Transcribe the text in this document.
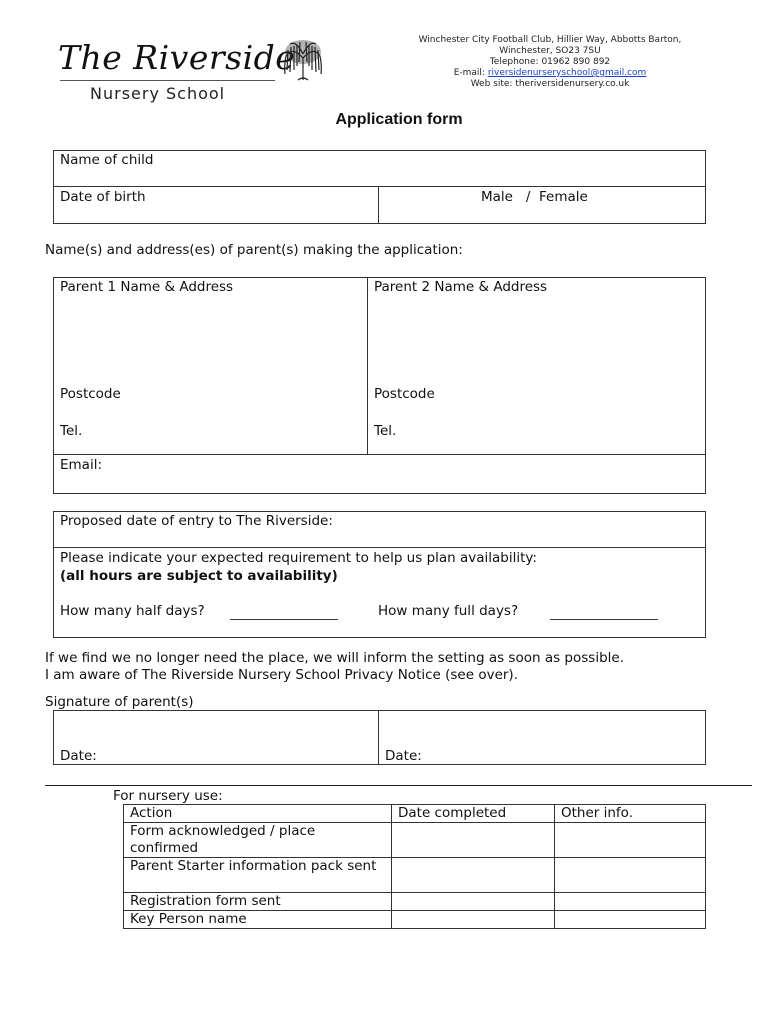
The Riverside
Nursery School
Winchester City Football Club, Hillier Way, Abbotts Barton,
Winchester, SO23 7SU
Telephone: 01962 890 892
E-mail: riversidenurseryschool@gmail.com
Web site: theriversidenursery.co.uk
Application form
Name of child
Date of birth	Male   /  Female
Name(s) and address(es) of parent(s) making the application:
Parent 1 Name & Address	Parent 2 Name & Address
Postcode	Postcode
Tel.	Tel.
Email:
Proposed date of entry to The Riverside:
Please indicate your expected requirement to help us plan availability:
(all hours are subject to availability)
How many half days?	How many full days?
If we find we no longer need the place, we will inform the setting as soon as possible.
I am aware of The Riverside Nursery School Privacy Notice (see over).
Signature of parent(s)
Date:	Date:
For nursery use:
Action	Date completed	Other info.
Form acknowledged / place confirmed		
Parent Starter information pack sent		
Registration form sent		
Key Person name		
